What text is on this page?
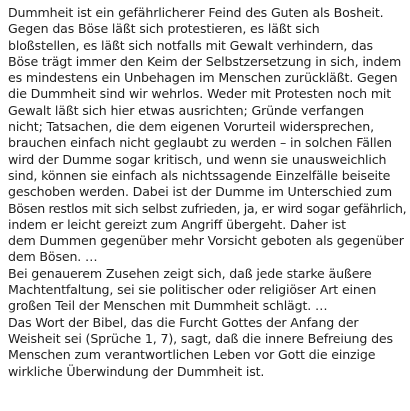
Dummheit ist ein gefährlicherer Feind des Guten als Bosheit.
Gegen das Böse läßt sich protestieren, es läßt sich
bloßstellen, es läßt sich notfalls mit Gewalt verhindern, das
Böse trägt immer den Keim der Selbstzersetzung in sich, indem
es mindestens ein Unbehagen im Menschen zurückläßt. Gegen
die Dummheit sind wir wehrlos. Weder mit Protesten noch mit
Gewalt läßt sich hier etwas ausrichten; Gründe verfangen
nicht; Tatsachen, die dem eigenen Vorurteil widersprechen,
brauchen einfach nicht geglaubt zu werden – in solchen Fällen
wird der Dumme sogar kritisch, und wenn sie unausweichlich
sind, können sie einfach als nichtssagende Einzelfälle beiseite
geschoben werden. Dabei ist der Dumme im Unterschied zum
Bösen restlos mit sich selbst zufrieden, ja, er wird sogar gefährlich,
indem er leicht gereizt zum Angriff übergeht. Daher ist
dem Dummen gegenüber mehr Vorsicht geboten als gegenüber
dem Bösen. …
Bei genauerem Zusehen zeigt sich, daß jede starke äußere
Machtentfaltung, sei sie politischer oder religiöser Art einen
großen Teil der Menschen mit Dummheit schlägt. …
Das Wort der Bibel, das die Furcht Gottes der Anfang der
Weisheit sei (Sprüche 1, 7), sagt, daß die innere Befreiung des
Menschen zum verantwortlichen Leben vor Gott die einzige
wirkliche Überwindung der Dummheit ist.
